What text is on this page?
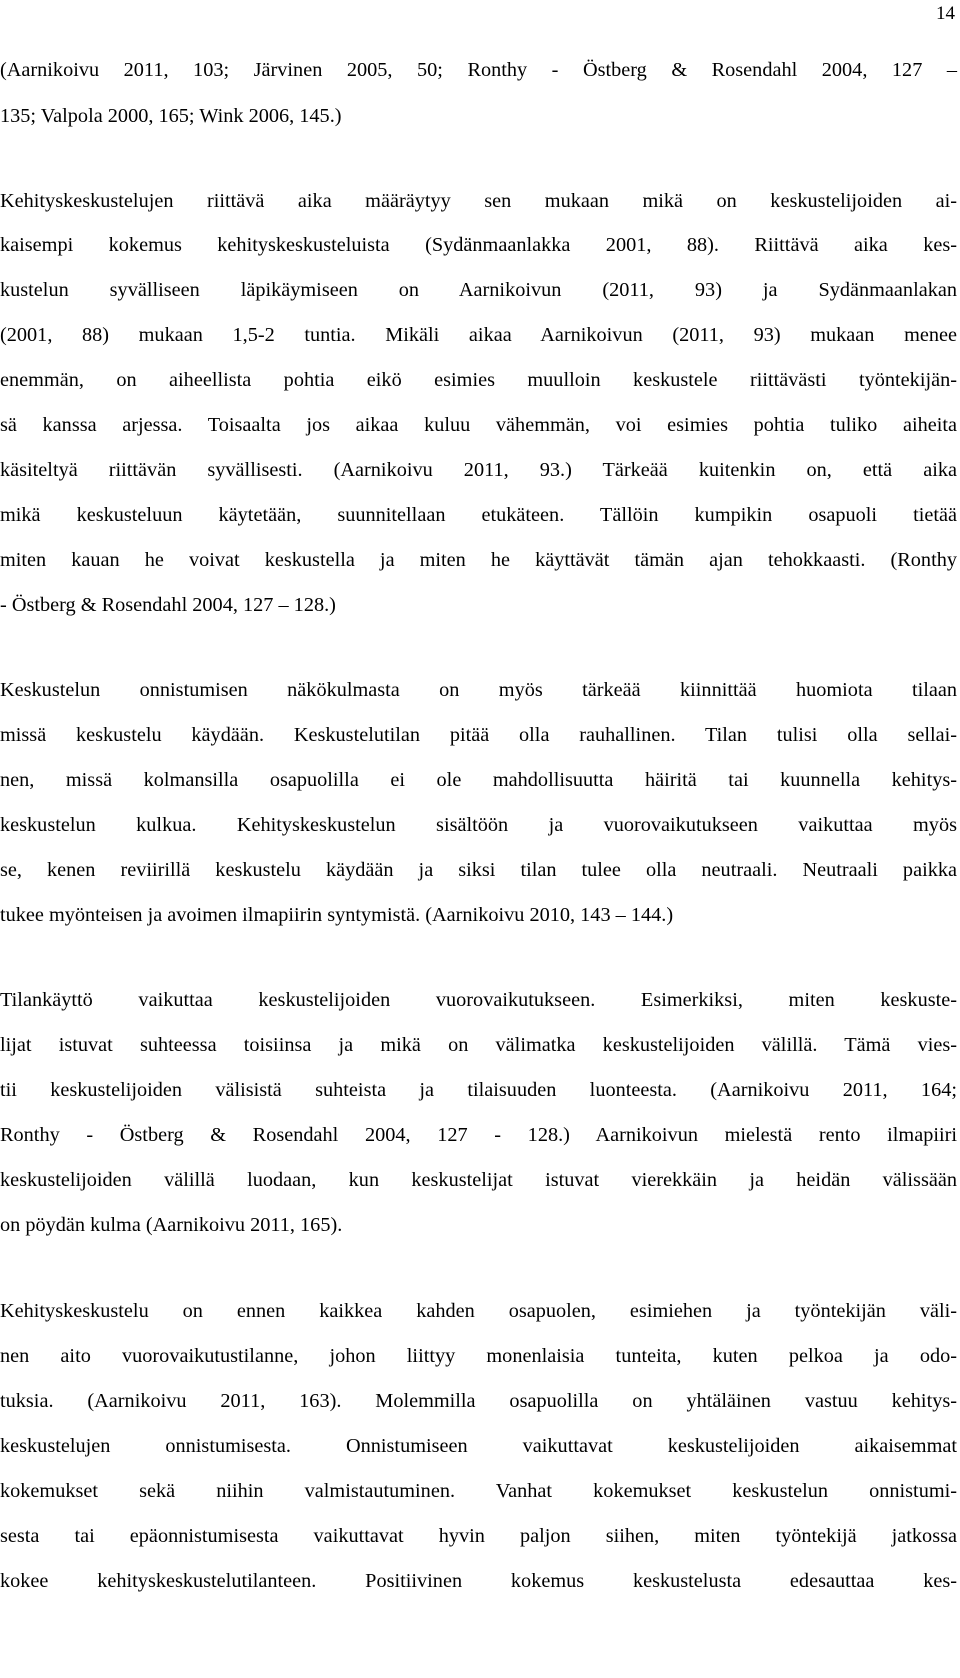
14
(Aarnikoivu 2011, 103; Järvinen 2005, 50; Ronthy - Östberg & Rosendahl 2004, 127 –
135; Valpola 2000, 165; Wink 2006, 145.)
Kehityskeskustelujen riittävä aika määräytyy sen mukaan mikä on keskustelijoiden ai-
kaisempi kokemus kehityskeskusteluista (Sydänmaanlakka 2001, 88). Riittävä aika kes-
kustelun syvälliseen läpikäymiseen on Aarnikoivun (2011, 93) ja Sydänmaanlakan
(2001, 88) mukaan 1,5-2 tuntia. Mikäli aikaa Aarnikoivun (2011, 93) mukaan menee
enemmän, on aiheellista pohtia eikö esimies muulloin keskustele riittävästi työntekijän-
sä kanssa arjessa. Toisaalta jos aikaa kuluu vähemmän, voi esimies pohtia tuliko aiheita
käsiteltyä riittävän syvällisesti. (Aarnikoivu 2011, 93.) Tärkeää kuitenkin on, että aika
mikä keskusteluun käytetään, suunnitellaan etukäteen. Tällöin kumpikin osapuoli tietää
miten kauan he voivat keskustella ja miten he käyttävät tämän ajan tehokkaasti. (Ronthy
- Östberg & Rosendahl 2004, 127 – 128.)
Keskustelun onnistumisen näkökulmasta on myös tärkeää kiinnittää huomiota tilaan
missä keskustelu käydään. Keskustelutilan pitää olla rauhallinen. Tilan tulisi olla sellai-
nen, missä kolmansilla osapuolilla ei ole mahdollisuutta häiritä tai kuunnella kehitys-
keskustelun kulkua. Kehityskeskustelun sisältöön ja vuorovaikutukseen vaikuttaa myös
se, kenen reviirillä keskustelu käydään ja siksi tilan tulee olla neutraali. Neutraali paikka
tukee myönteisen ja avoimen ilmapiirin syntymistä. (Aarnikoivu 2010, 143 – 144.)
Tilankäyttö vaikuttaa keskustelijoiden vuorovaikutukseen. Esimerkiksi, miten keskuste-
lijat istuvat suhteessa toisiinsa ja mikä on välimatka keskustelijoiden välillä. Tämä vies-
tii keskustelijoiden välisistä suhteista ja tilaisuuden luonteesta. (Aarnikoivu 2011, 164;
Ronthy - Östberg & Rosendahl 2004, 127 - 128.) Aarnikoivun mielestä rento ilmapiiri
keskustelijoiden välillä luodaan, kun keskustelijat istuvat vierekkäin ja heidän välissään
on pöydän kulma (Aarnikoivu 2011, 165).
Kehityskeskustelu on ennen kaikkea kahden osapuolen, esimiehen ja työntekijän väli-
nen aito vuorovaikutustilanne, johon liittyy monenlaisia tunteita, kuten pelkoa ja odo-
tuksia. (Aarnikoivu 2011, 163). Molemmilla osapuolilla on yhtäläinen vastuu kehitys-
keskustelujen onnistumisesta. Onnistumiseen vaikuttavat keskustelijoiden aikaisemmat
kokemukset sekä niihin valmistautuminen. Vanhat kokemukset keskustelun onnistumi-
sesta tai epäonnistumisesta vaikuttavat hyvin paljon siihen, miten työntekijä jatkossa
kokee kehityskeskustelutilanteen. Positiivinen kokemus keskustelusta edesauttaa kes-
